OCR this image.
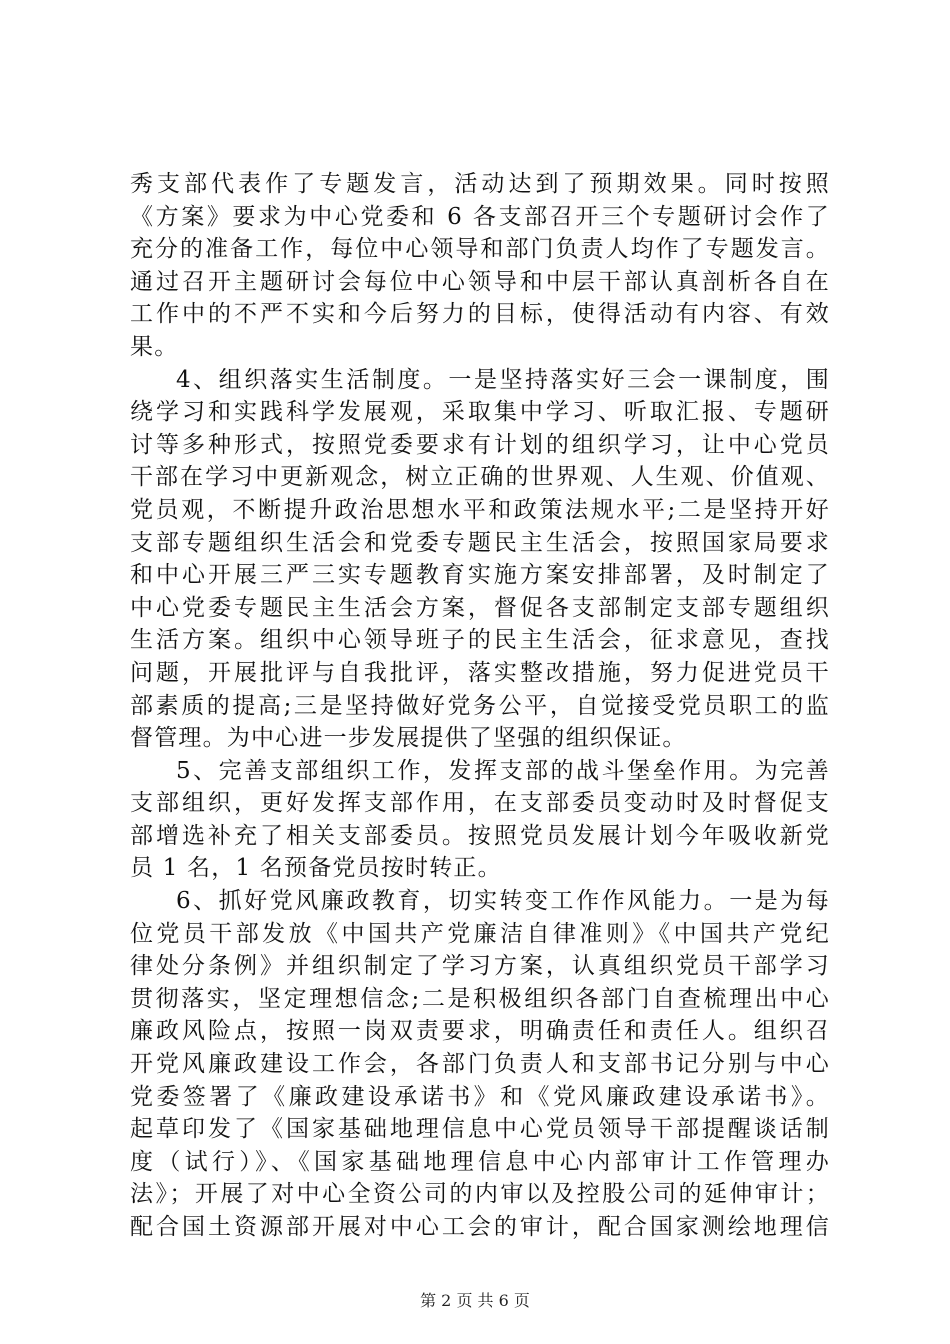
秀支部代表作了专题发言，活动达到了预期效果。同时按照
《方案》要求为中心党委和 6 各支部召开三个专题研讨会作了
充分的准备工作，每位中心领导和部门负责人均作了专题发言。
通过召开主题研讨会每位中心领导和中层干部认真剖析各自在
工作中的不严不实和今后努力的目标，使得活动有内容、有效
果。
4、组织落实生活制度。一是坚持落实好三会一课制度，围
绕学习和实践科学发展观，采取集中学习、听取汇报、专题研
讨等多种形式，按照党委要求有计划的组织学习，让中心党员
干部在学习中更新观念，树立正确的世界观、人生观、价值观、
党员观，不断提升政治思想水平和政策法规水平;二是坚持开好
支部专题组织生活会和党委专题民主生活会，按照国家局要求
和中心开展三严三实专题教育实施方案安排部署，及时制定了
中心党委专题民主生活会方案，督促各支部制定支部专题组织
生活方案。组织中心领导班子的民主生活会，征求意见，查找
问题，开展批评与自我批评，落实整改措施，努力促进党员干
部素质的提高;三是坚持做好党务公平，自觉接受党员职工的监
督管理。为中心进一步发展提供了坚强的组织保证。
5、完善支部组织工作，发挥支部的战斗堡垒作用。为完善
支部组织，更好发挥支部作用，在支部委员变动时及时督促支
部增选补充了相关支部委员。按照党员发展计划今年吸收新党
员 1 名，1 名预备党员按时转正。
6、抓好党风廉政教育，切实转变工作作风能力。一是为每
位党员干部发放《中国共产党廉洁自律准则》《中国共产党纪
律处分条例》并组织制定了学习方案，认真组织党员干部学习
贯彻落实，坚定理想信念;二是积极组织各部门自查梳理出中心
廉政风险点，按照一岗双责要求，明确责任和责任人。组织召
开党风廉政建设工作会，各部门负责人和支部书记分别与中心
党委签署了《廉政建设承诺书》和《党风廉政建设承诺书》。
起草印发了《国家基础地理信息中心党员领导干部提醒谈话制
度（试行）》、《国家基础地理信息中心内部审计工作管理办
法》；开展了对中心全资公司的内审以及控股公司的延伸审计；
配合国土资源部开展对中心工会的审计，配合国家测绘地理信
第 2 页 共 6 页
